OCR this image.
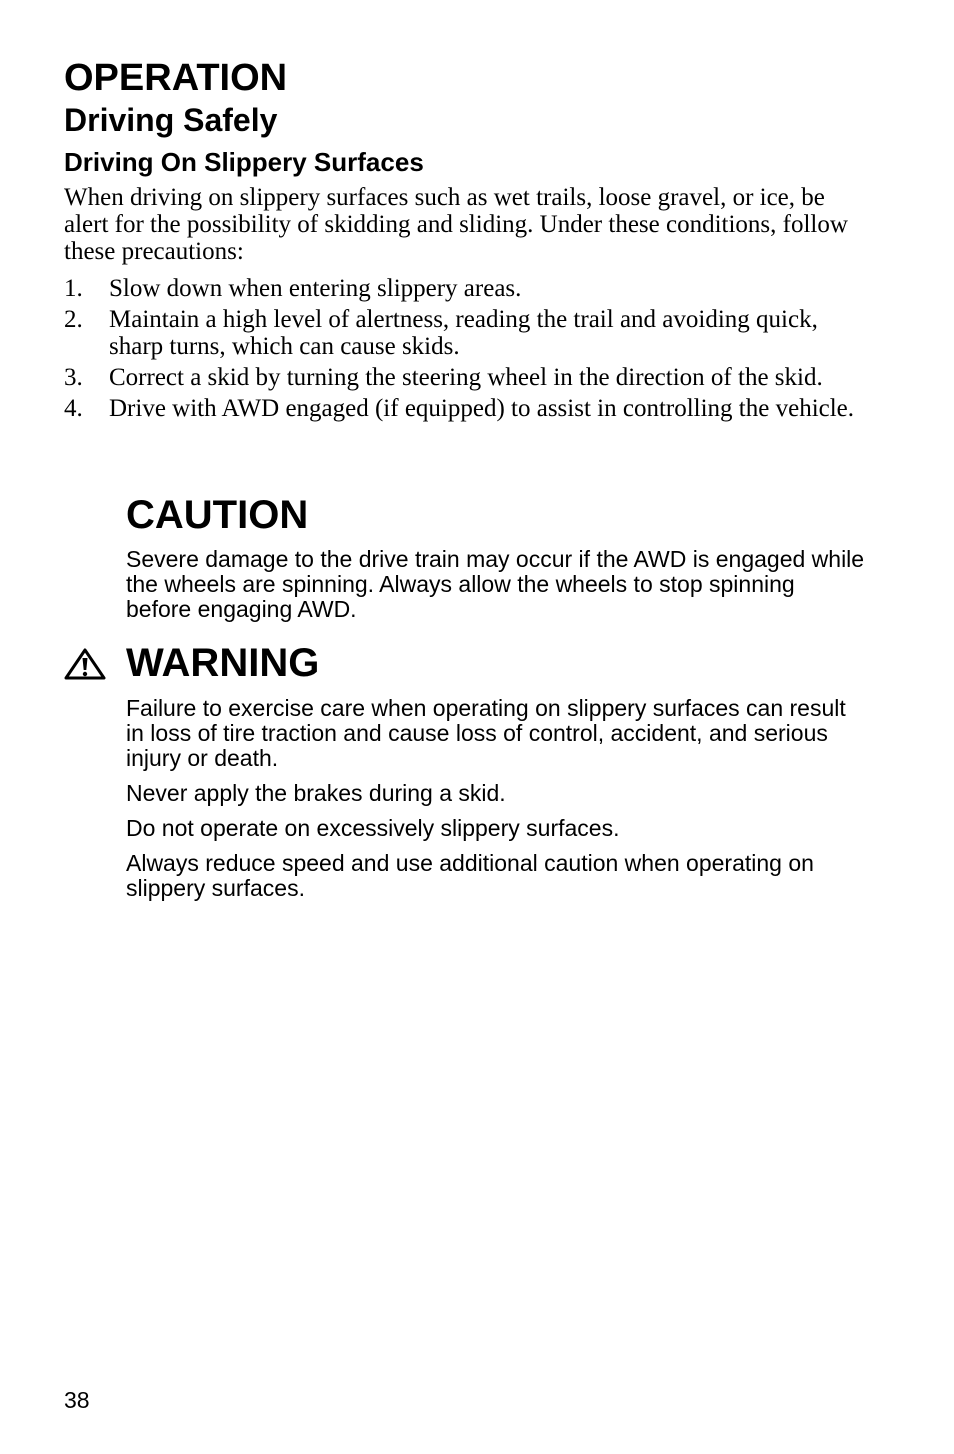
OPERATION
Driving Safely
Driving On Slippery Surfaces

When driving on slippery surfaces such as wet trails, loose gravel, or ice, be alert for the possibility of skidding and sliding. Under these conditions, follow these precautions:

1. Slow down when entering slippery areas.
2. Maintain a high level of alertness, reading the trail and avoiding quick, sharp turns, which can cause skids.
3. Correct a skid by turning the steering wheel in the direction of the skid.
4. Drive with AWD engaged (if equipped) to assist in controlling the vehicle.
CAUTION

Severe damage to the drive train may occur if the AWD is engaged while the wheels are spinning. Always allow the wheels to stop spinning before engaging AWD.

WARNING

Failure to exercise care when operating on slippery surfaces can result in loss of tire traction and cause loss of control, accident, and serious injury or death.

Never apply the brakes during a skid.

Do not operate on excessively slippery surfaces.

Always reduce speed and use additional caution when operating on slippery surfaces.

38
